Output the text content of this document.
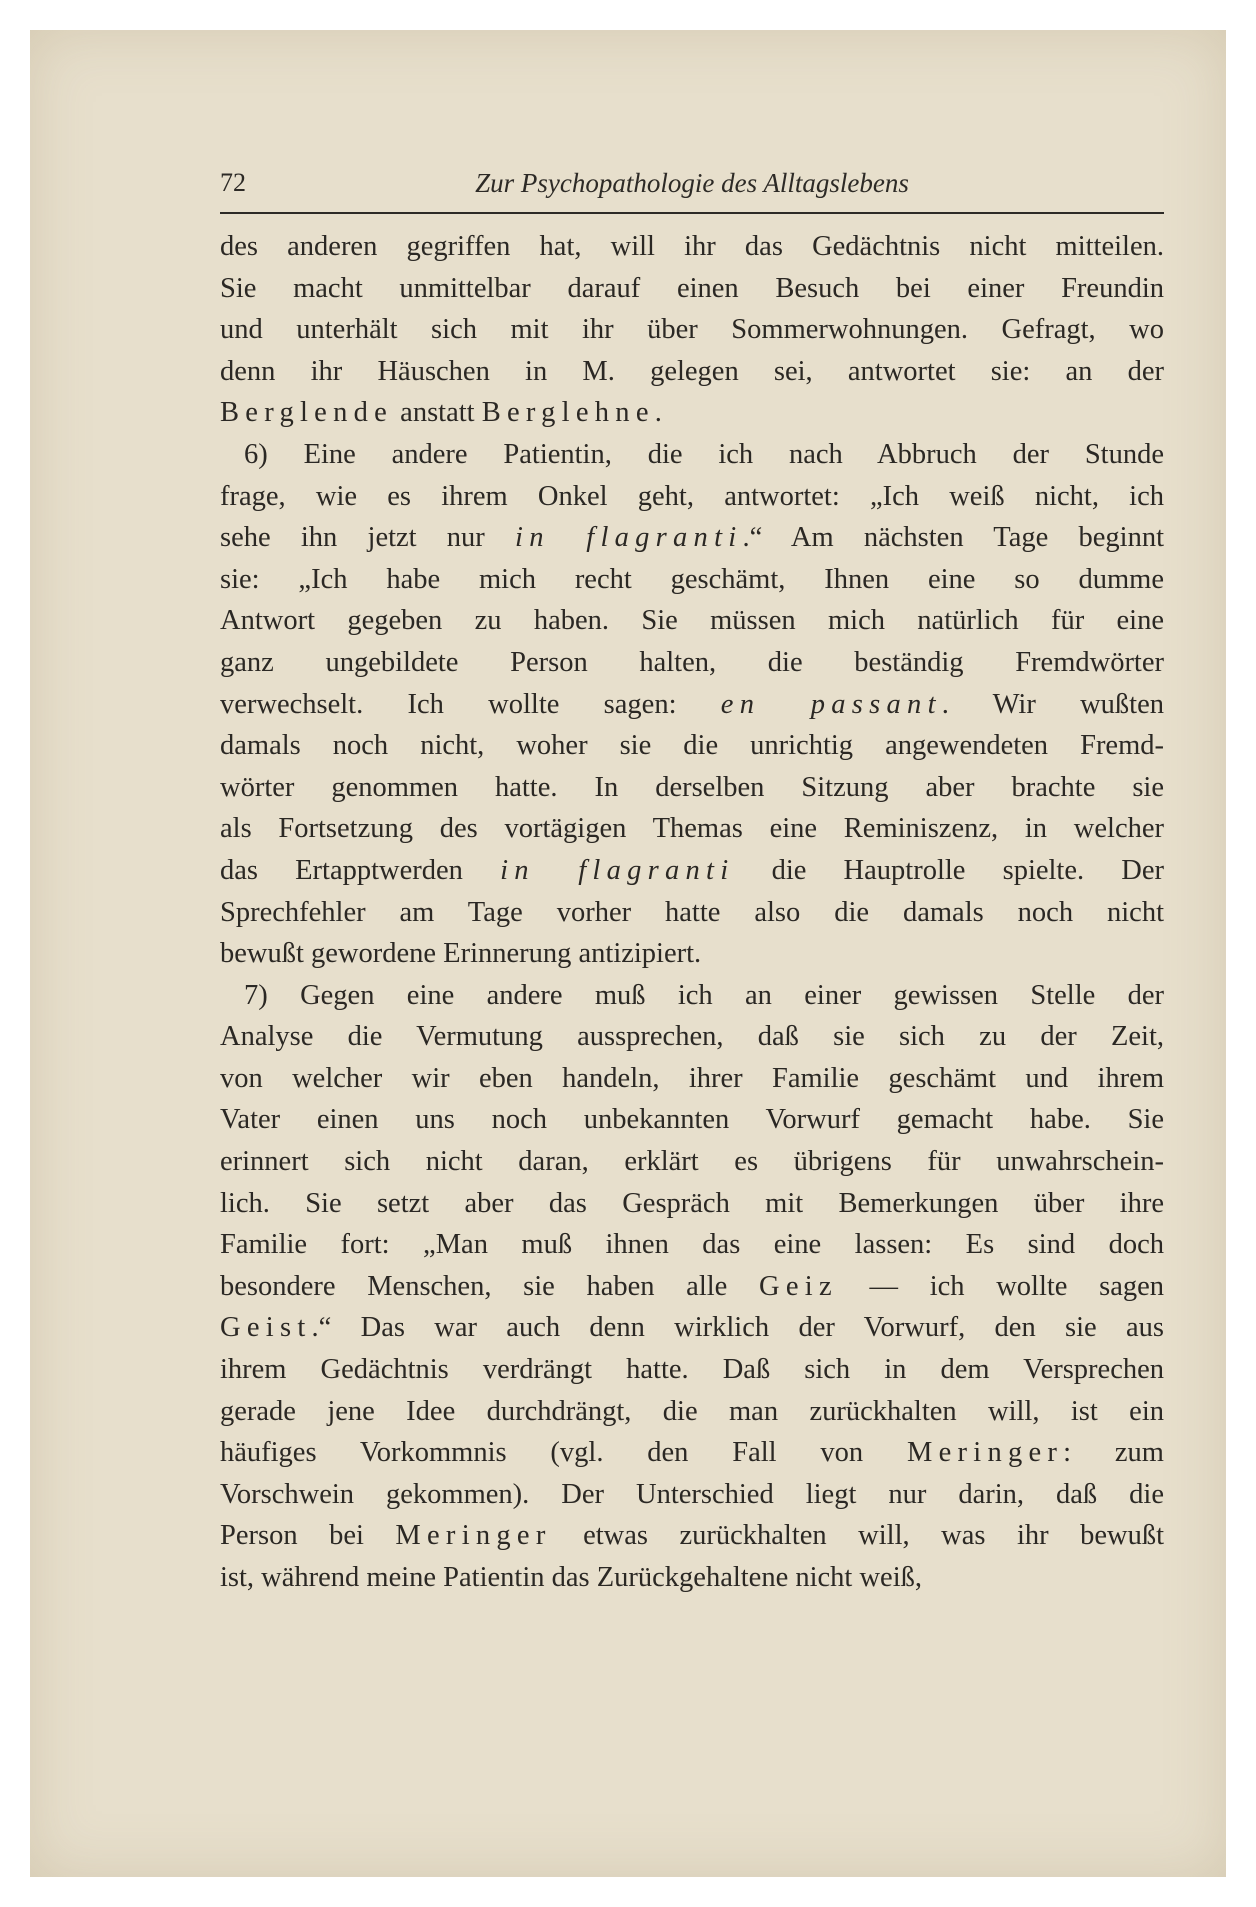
72	Zur Psychopathologie des Alltagslebens
des anderen gegriffen hat, will ihr das Gedächtnis nicht mitteilen.
Sie macht unmittelbar darauf einen Besuch bei einer Freundin
und unterhält sich mit ihr über Sommerwohnungen. Gefragt, wo
denn ihr Häuschen in M. gelegen sei, antwortet sie: an der
Berglende anstatt Berglehne.
6) Eine andere Patientin, die ich nach Abbruch der Stunde
frage, wie es ihrem Onkel geht, antwortet: „Ich weiß nicht, ich
sehe ihn jetzt nur in flagranti.“ Am nächsten Tage beginnt
sie: „Ich habe mich recht geschämt, Ihnen eine so dumme
Antwort gegeben zu haben. Sie müssen mich natürlich für eine
ganz ungebildete Person halten, die beständig Fremdwörter
verwechselt. Ich wollte sagen: en passant. Wir wußten
damals noch nicht, woher sie die unrichtig angewendeten Fremd-
wörter genommen hatte. In derselben Sitzung aber brachte sie
als Fortsetzung des vortägigen Themas eine Reminiszenz, in welcher
das Ertapptwerden in flagranti die Hauptrolle spielte. Der
Sprechfehler am Tage vorher hatte also die damals noch nicht
bewußt gewordene Erinnerung antizipiert.
7) Gegen eine andere muß ich an einer gewissen Stelle der
Analyse die Vermutung aussprechen, daß sie sich zu der Zeit,
von welcher wir eben handeln, ihrer Familie geschämt und ihrem
Vater einen uns noch unbekannten Vorwurf gemacht habe. Sie
erinnert sich nicht daran, erklärt es übrigens für unwahrschein-
lich. Sie setzt aber das Gespräch mit Bemerkungen über ihre
Familie fort: „Man muß ihnen das eine lassen: Es sind doch
besondere Menschen, sie haben alle Geiz — ich wollte sagen
Geist.“ Das war auch denn wirklich der Vorwurf, den sie aus
ihrem Gedächtnis verdrängt hatte. Daß sich in dem Versprechen
gerade jene Idee durchdrängt, die man zurückhalten will, ist ein
häufiges Vorkommnis (vgl. den Fall von Meringer: zum
Vorschwein gekommen). Der Unterschied liegt nur darin, daß die
Person bei Meringer etwas zurückhalten will, was ihr bewußt
ist, während meine Patientin das Zurückgehaltene nicht weiß,
